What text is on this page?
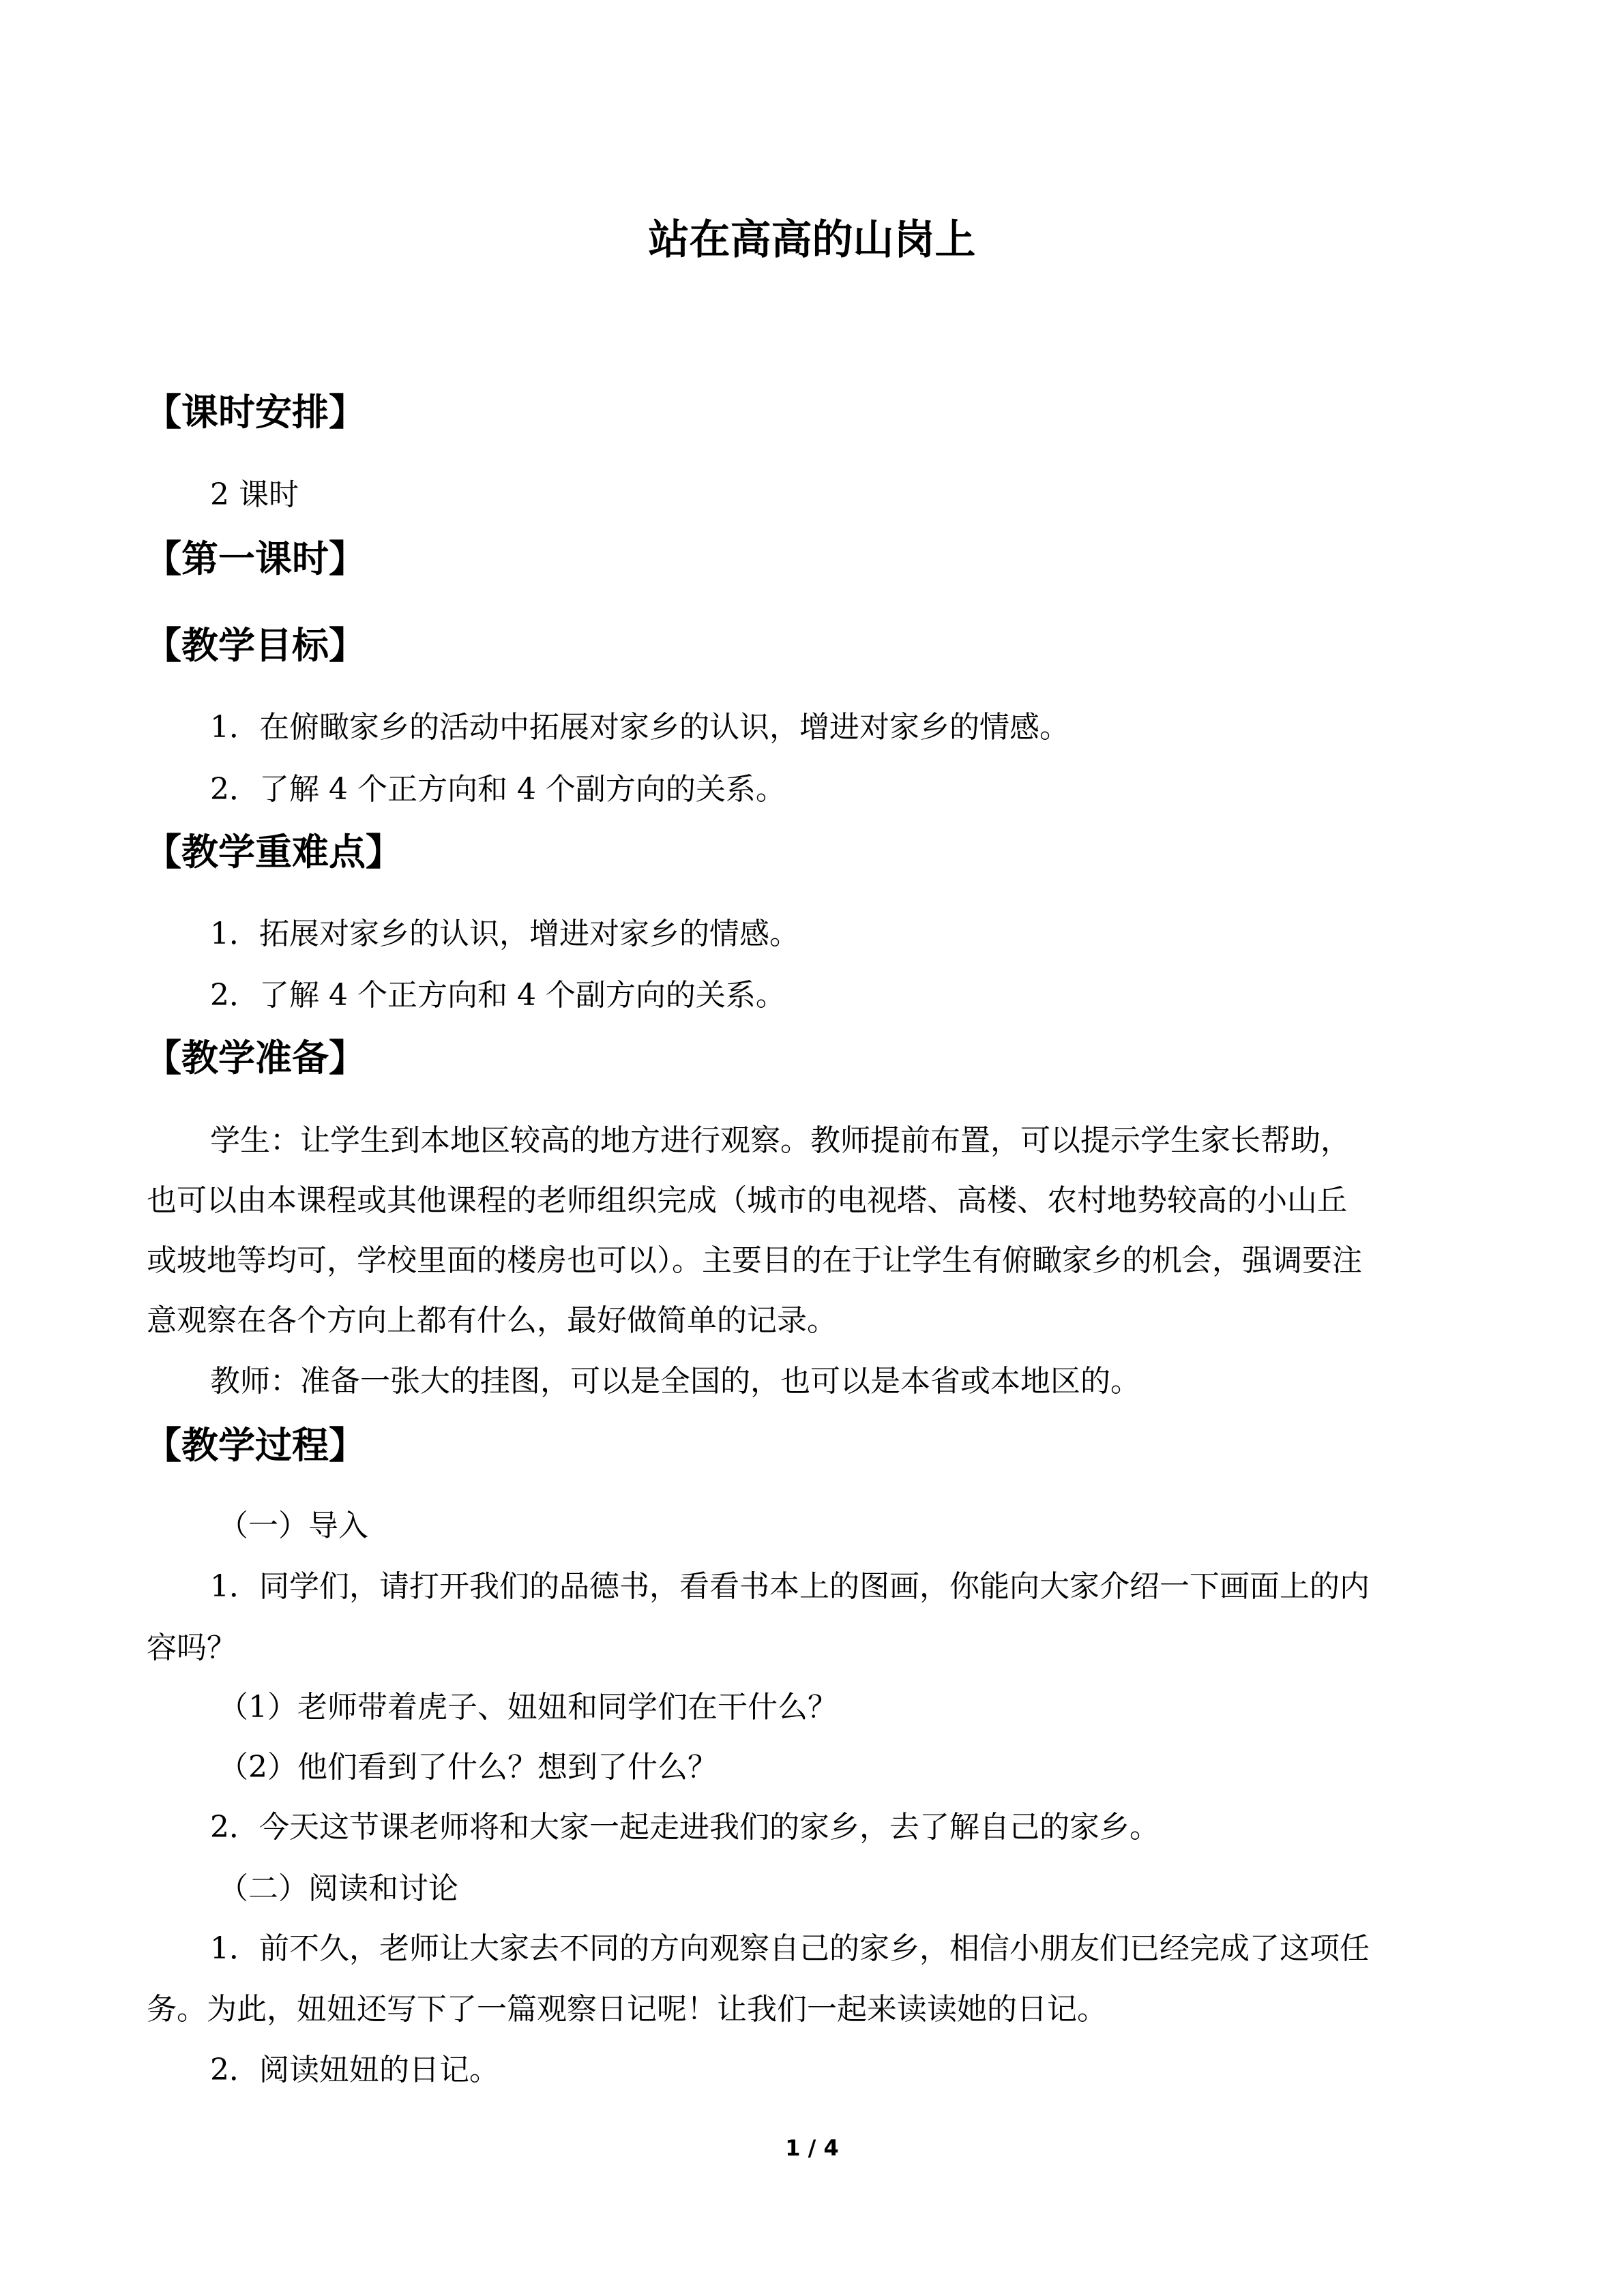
站在高高的山岗上
【课时安排】
2 课时
【第一课时】
【教学目标】
1．在俯瞰家乡的活动中拓展对家乡的认识，增进对家乡的情感。
2．了解 4 个正方向和 4 个副方向的关系。
【教学重难点】
1．拓展对家乡的认识，增进对家乡的情感。
2．了解 4 个正方向和 4 个副方向的关系。
【教学准备】
学生：让学生到本地区较高的地方进行观察。教师提前布置，可以提示学生家长帮助，
也可以由本课程或其他课程的老师组织完成（城市的电视塔、高楼、农村地势较高的小山丘
或坡地等均可，学校里面的楼房也可以）。主要目的在于让学生有俯瞰家乡的机会，强调要注
意观察在各个方向上都有什么，最好做简单的记录。
教师：准备一张大的挂图，可以是全国的，也可以是本省或本地区的。
【教学过程】
（一）导入
1．同学们，请打开我们的品德书，看看书本上的图画，你能向大家介绍一下画面上的内
容吗？
（1）老师带着虎子、妞妞和同学们在干什么？
（2）他们看到了什么？想到了什么？
2．今天这节课老师将和大家一起走进我们的家乡，去了解自己的家乡。
（二）阅读和讨论
1．前不久，老师让大家去不同的方向观察自己的家乡，相信小朋友们已经完成了这项任
务。为此，妞妞还写下了一篇观察日记呢！让我们一起来读读她的日记。
2．阅读妞妞的日记。
1 / 4
